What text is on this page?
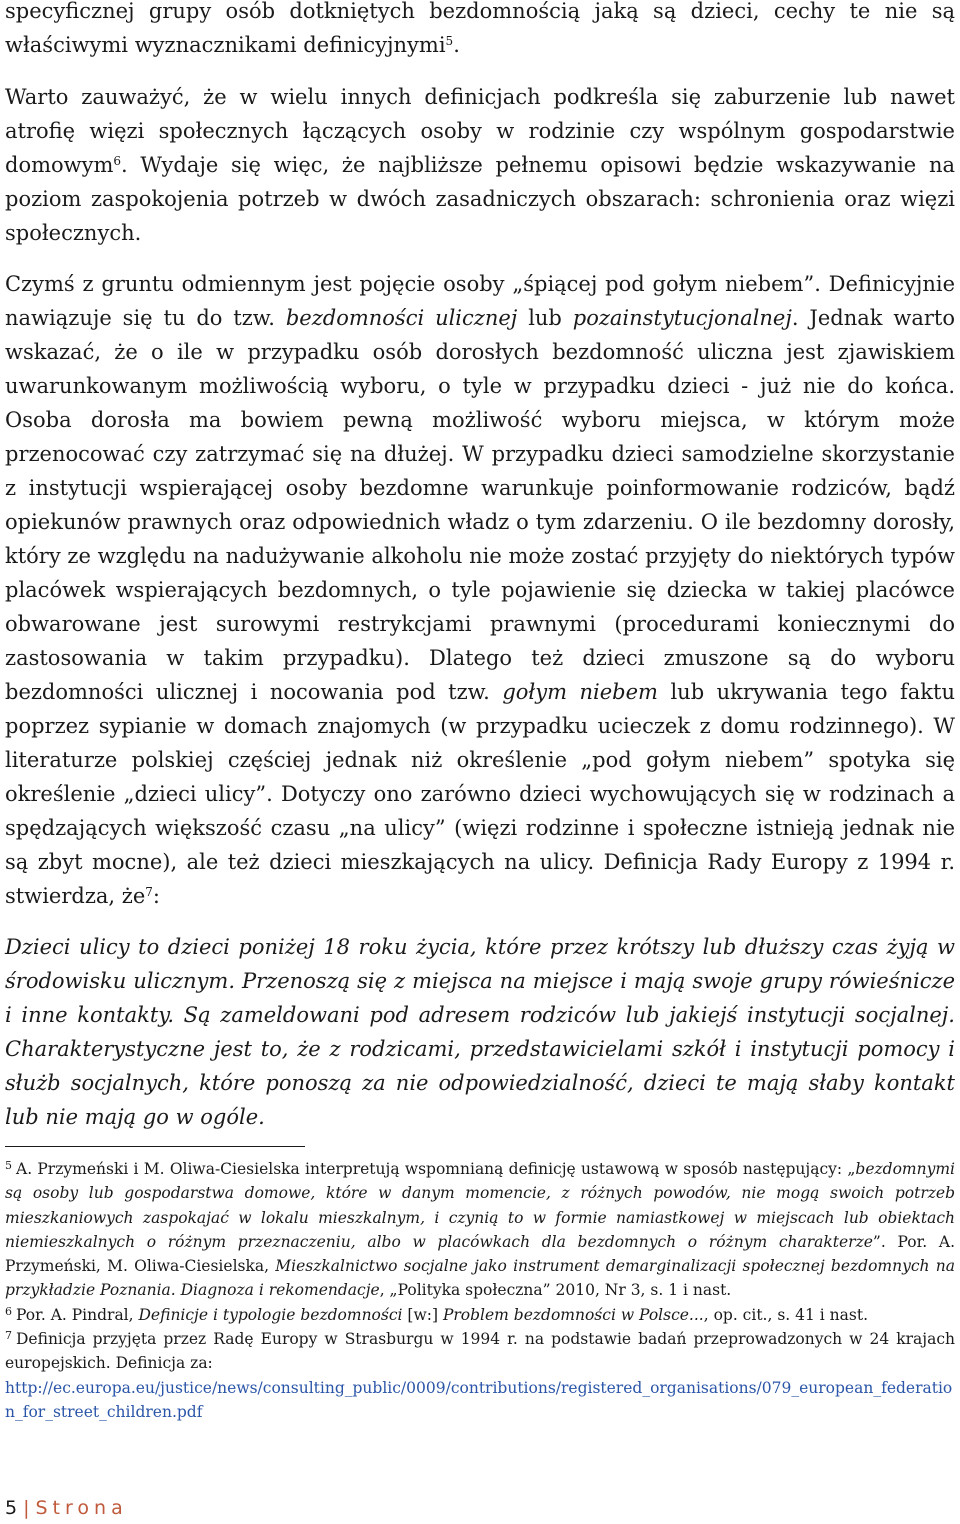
specyficznej grupy osób dotkniętych bezdomnością jaką są dzieci, cechy te nie są właściwymi wyznacznikami definicyjnymi$^5$.

Warto zauważyć, że w wielu innych definicjach podkreśla się zaburzenie lub nawet atrofię więzi społecznych łączących osoby w rodzinie czy wspólnym gospodarstwie domowym$^6$. Wydaje się więc, że najbliższe pełnemu opisowi będzie wskazywanie na poziom zaspokojenia potrzeb w dwóch zasadniczych obszarach: schronienia oraz więzi społecznych.

Czymś z gruntu odmiennym jest pojęcie osoby „śpiącej pod gołym niebem”. Definicyjnie nawiązuje się tu do tzw. bezdomności ulicznej lub pozainstytucjonalnej. Jednak warto wskazać, że o ile w przypadku osób dorosłych bezdomność uliczna jest zjawiskiem uwarunkowanym możliwością wyboru, o tyle w przypadku dzieci - już nie do końca. Osoba dorosła ma bowiem pewną możliwość wyboru miejsca, w którym może przenocować czy zatrzymać się na dłużej. W przypadku dzieci samodzielne skorzystanie z instytucji wspierającej osoby bezdomne warunkuje poinformowanie rodziców, bądź opiekunów prawnych oraz odpowiednich władz o tym zdarzeniu. O ile bezdomny dorosły, który ze względu na nadużywanie alkoholu nie może zostać przyjęty do niektórych typów placówek wspierających bezdomnych, o tyle pojawienie się dziecka w takiej placówce obwarowane jest surowymi restrykcjami prawnymi (procedurami koniecznymi do zastosowania w takim przypadku). Dlatego też dzieci zmuszone są do wyboru bezdomności ulicznej i nocowania pod tzw. gołym niebem lub ukrywania tego faktu poprzez sypianie w domach znajomych (w przypadku ucieczek z domu rodzinnego). W literaturze polskiej częściej jednak niż określenie „pod gołym niebem” spotyka się określenie „dzieci ulicy”. Dotyczy ono zarówno dzieci wychowujących się w rodzinach a spędzających większość czasu „na ulicy” (więzi rodzinne i społeczne istnieją jednak nie są zbyt mocne), ale też dzieci mieszkających na ulicy. Definicja Rady Europy z 1994 r. stwierdza, $że^7$:

Dzieci ulicy to dzieci poniżej 18 roku życia, które przez krótszy lub dłuższy czas żyją w środowisku ulicznym. Przenoszą się z miejsca na miejsce i mają swoje grupy rówieśnicze i inne kontakty. Są zameldowani pod adresem rodziców lub jakiejś instytucji socjalnej. Charakterystyczne jest to, że z rodzicami, przedstawicielami szkół i instytucji pomocy i służb socjalnych, które ponoszą za nie odpowiedzialność, dzieci te mają słaby kontakt lub nie mają go w ogóle.

$^5$ A. Przymeński i M. Oliwa-Ciesielska interpretują wspomnianą definicję ustawową w sposób następujący: „bezdomnymi są osoby lub gospodarstwa domowe, które w danym momencie, z różnych powodów, nie mogą swoich potrzeb mieszkaniowych zaspokajać w lokalu mieszkalnym, i czynią to w formie namiastkowej w miejscach lub obiektach niemieszkalnych o różnym przeznaczeniu, albo w placówkach dla bezdomnych o różnym charakterze”. Por. A. Przymeński, M. Oliwa-Ciesielska, Mieszkalnictwo socjalne jako instrument demarginalizacji społecznej bezdomnych na przykładzie Poznania. Diagnoza i rekomendacje, „Polityka społeczna” 2010, Nr 3, s. 1 i nast.

$^6$ Por. A. Pindral, Definicje i typologie bezdomności [w:] Problem bezdomności w Polsce..., op. cit., s. 41 i nast.

$^7$ Definicja przyjęta przez Radę Europy w Strasburgu w 1994 r. na podstawie badań przeprowadzonych w 24 krajach europejskich. Definicja za:
http://ec.europa.eu/justice/news/consulting_public/0009/contributions/registered_organisations/079_european_federation_for_street_children.pdf

5 | Strona
